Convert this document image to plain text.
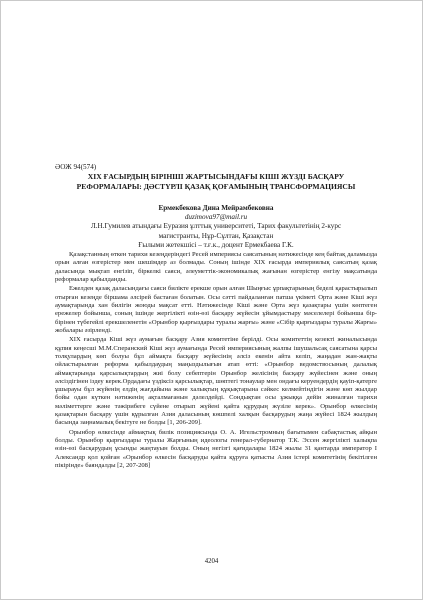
ӘОЖ 94(574)
XIX ҒАСЫРДЫҢ БІРІНШІ ЖАРТЫСЫНДАҒЫ КІШІ ЖҮЗДІ БАСҚАРУ
РЕФОРМАЛАРЫ: ДӘСТҮРЛІ ҚАЗАҚ ҚОҒАМЫНЫҢ ТРАНСФОРМАЦИЯСЫ
Ермекбекова Дина Мейрамбековна
duzimova97@mail.ru
Л.Н.Гумилев атындағы Еуразия ұлттық университеті, Тарих факультетінің 2-курс
магистранты, Нұр-Сұлтан, Қазақстан
Ғылыми жетекшісі – т.ғ.к., доцент Ермекбаева Г.К.

Қазақстанның өткен тарихи кезеңдеріндегі Ресей империясы саясатының нәтижесінде кең байтақ даламызда орын алған өзгерістер мен шешімдер аз болмады. Соның ішінде XIX ғасырда империялық саясатың қазақ даласында мықтап енгізіп, біркелкі саяси, әлеуметтік-экономикалық жағынан өзгерістер енгізу мақсатында реформалар қабылданды.

Ежелден қазақ даласындағы саяси билікте ерекше орын алған Шыңғыс ұрпақтарының беделі қарастырылып отырған кезеңде біршама әлсірей бастаған болатын. Осы сәтті пайдаланған патша үкіметі Орта және Кіші жүз аумақтарында хан билігін жоюды мақсат етті. Нәтижесінде Кіші және Орта жүз қазақтары үшін көптеген ережелер бойынша, соның ішінде жергілікті өзін-өзі басқару жүйесін ұйымдастыру мәселелері бойынша бір-бірінен түбегейлі ерекшеленетін «Орынбор қырғыздары туралы жарғы» және «Сібір қырғыздары туралы Жарғы» жобалары әзірленді.

XIX ғасырда Кіші жүз аумағын басқару Азия комитетіне берілді. Осы комитеттің кезекті жиналысында құпия кеңесші М.М.Сперанский Кіші жүз аумағында Ресей империясының жалпы ішушальсақ саясатына қарсы толқулардың көп болуы бұл аймақта басқару жүйесінің әлсіз екенін айта келіп, жаңадан жан-жақты ойластырылған реформа қабылдаудың маңыздылығын атап өтті: «Орынбор ведомствосының далалық аймақтарында қарсылықтардың жиі болу себептерін Орынбор желісінің басқару жүйесінен және оның әлсіздігінен іздеу керек.Ордадағы үздіксіз қарсылықтар, шөптегі тонаулар мен ондағы керуендердің қауіп-қатерге ұшырауы бұл жүйенің елдің жағдайына және халықтың құқықтарына сәйкес келмейтіндігін және көп жылдар бойы одан күткен нәтиженің ақталмағанын дәлелдейді. Сондықтан осы ұжыққа дейін жиналған тарихи мәліметтерге және тәжірибеге сүйене отырып жүйені қайта құрудың жүзіле керек». Орынбор өлкесінің қазақтарын басқару үшін құрылған Азия даласының көшпелі халқын басқарудың жаңа жүйесі 1824 жылдың басында заңнамалық бекітуге не болды [1, 206-209].

Орынбор өлкесінде аймақтық билік позициясында О. А. Игельстромның бағытымен сабақтастық айқын болды. Орынбор қырғыздары туралы Жарғының идеологы генерал-губернатор Т.К. Эссен жергілікті халықпа өзін-өзі басқарудың ұсынды жаңтауын болды. Оның негізгі қағидалары 1824 жылы 31 қантарда император І Александр қол қойған «Орынбор өлкесін басқаруды қайта құруға қатысты Азия істері комитетінің бекітілген пікірінде» баяндалды [2, 207-208]

4204
